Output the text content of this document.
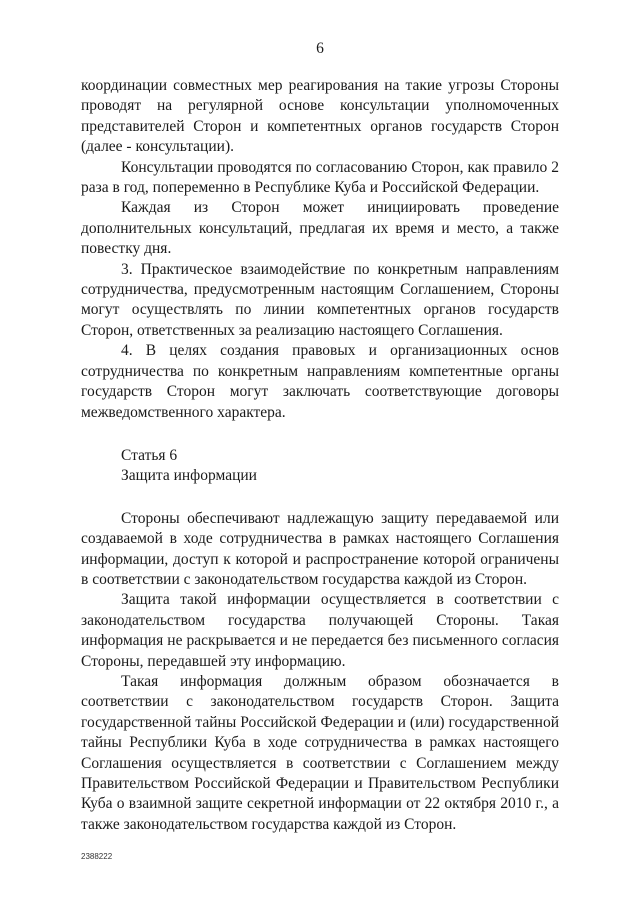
6

координации совместных мер реагирования на такие угрозы Стороны проводят на регулярной основе консультации уполномоченных представителей Сторон и компетентных органов государств Сторон (далее - консультации).

Консультации проводятся по согласованию Сторон, как правило 2 раза в год, попеременно в Республике Куба и Российской Федерации.

Каждая из Сторон может инициировать проведение дополнительных консультаций, предлагая их время и место, а также повестку дня.

3. Практическое взаимодействие по конкретным направлениям сотрудничества, предусмотренным настоящим Соглашением, Стороны могут осуществлять по линии компетентных органов государств Сторон, ответственных за реализацию настоящего Соглашения.

4. В целях создания правовых и организационных основ сотрудничества по конкретным направлениям компетентные органы государств Сторон могут заключать соответствующие договоры межведомственного характера.

Статья 6

Защита информации

Стороны обеспечивают надлежащую защиту передаваемой или создаваемой в ходе сотрудничества в рамках настоящего Соглашения информации, доступ к которой и распространение которой ограничены в соответствии с законодательством государства каждой из Сторон.

Защита такой информации осуществляется в соответствии с законодательством государства получающей Стороны. Такая информация не раскрывается и не передается без письменного согласия Стороны, передавшей эту информацию.

Такая информация должным образом обозначается в соответствии с законодательством государств Сторон. Защита государственной тайны Российской Федерации и (или) государственной тайны Республики Куба в ходе сотрудничества в рамках настоящего Соглашения осуществляется в соответствии с Соглашением между Правительством Российской Федерации и Правительством Республики Куба о взаимной защите секретной информации от 22 октября 2010 г., а также законодательством государства каждой из Сторон.

2388222
